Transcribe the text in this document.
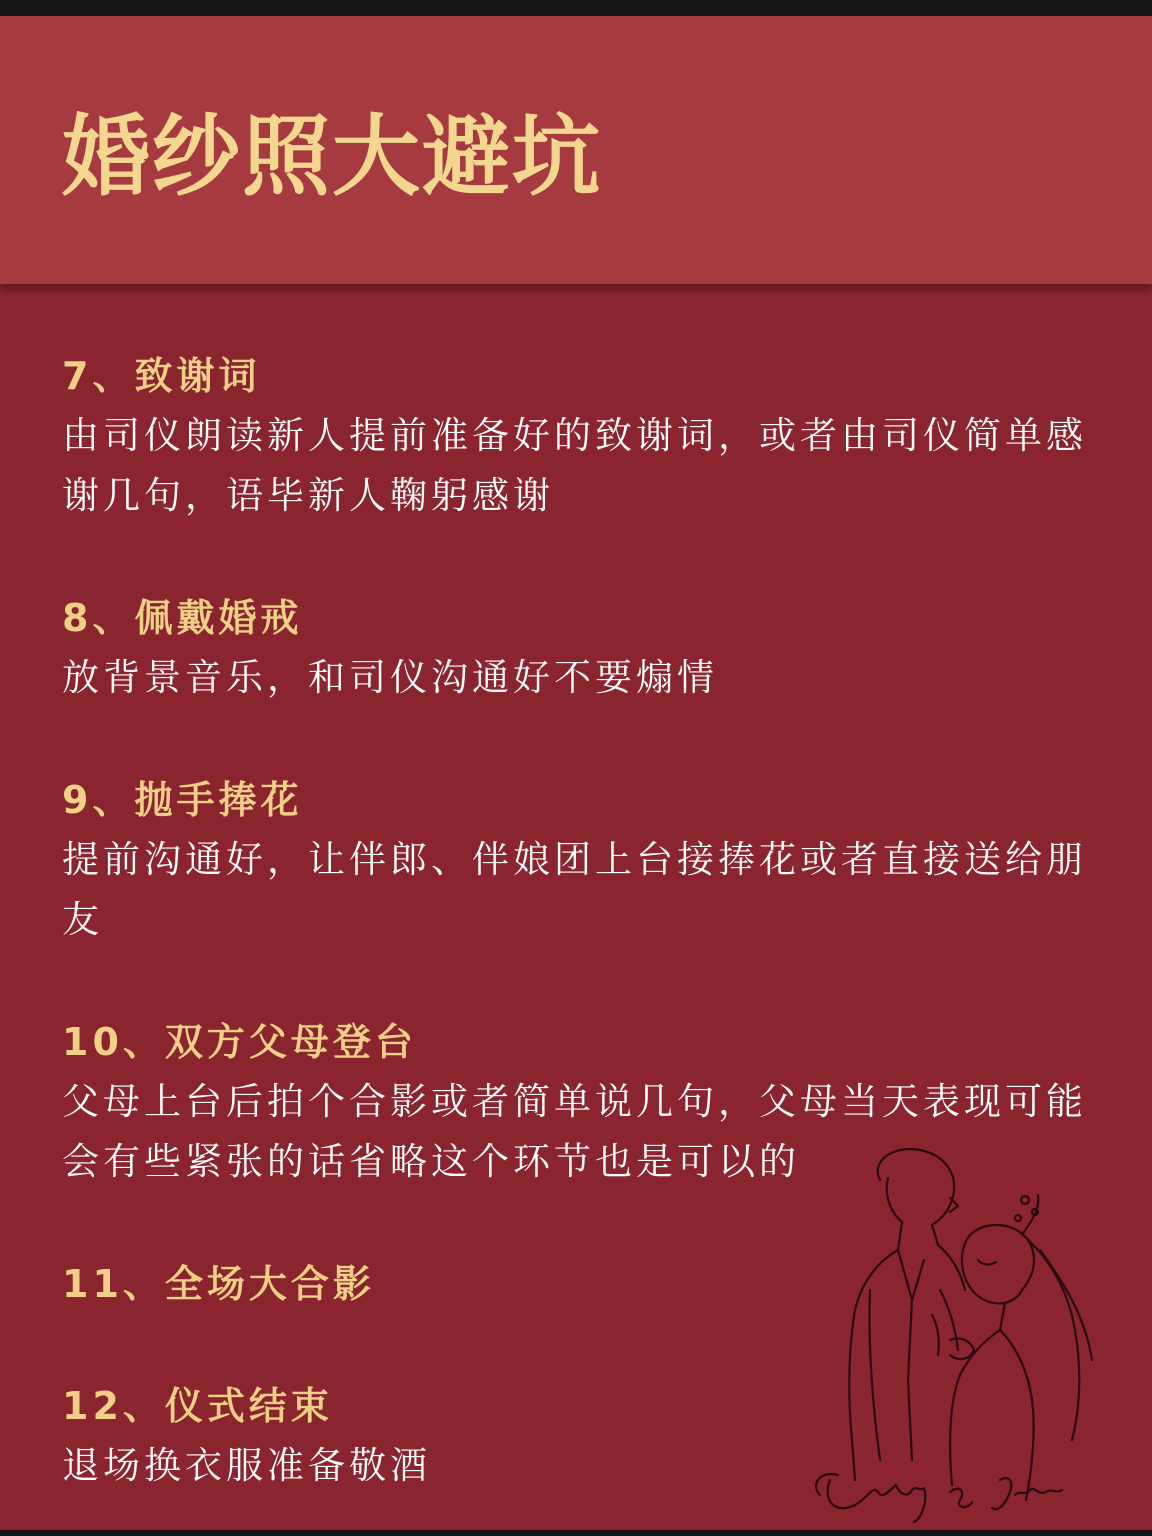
婚纱照大避坑

7、致谢词

由司仪朗读新人提前准备好的致谢词，或者由司仪简单感谢几句，语毕新人鞠躬感谢

8、佩戴婚戒

放背景音乐，和司仪沟通好不要煽情

9、抛手捧花

提前沟通好，让伴郎、伴娘团上台接捧花或者直接送给朋友

10、双方父母登台

父母上台后拍个合影或者简单说几句，父母当天表现可能会有些紧张的话省略这个环节也是可以的

11、全场大合影

12、仪式结束

退场换衣服准备敬酒
